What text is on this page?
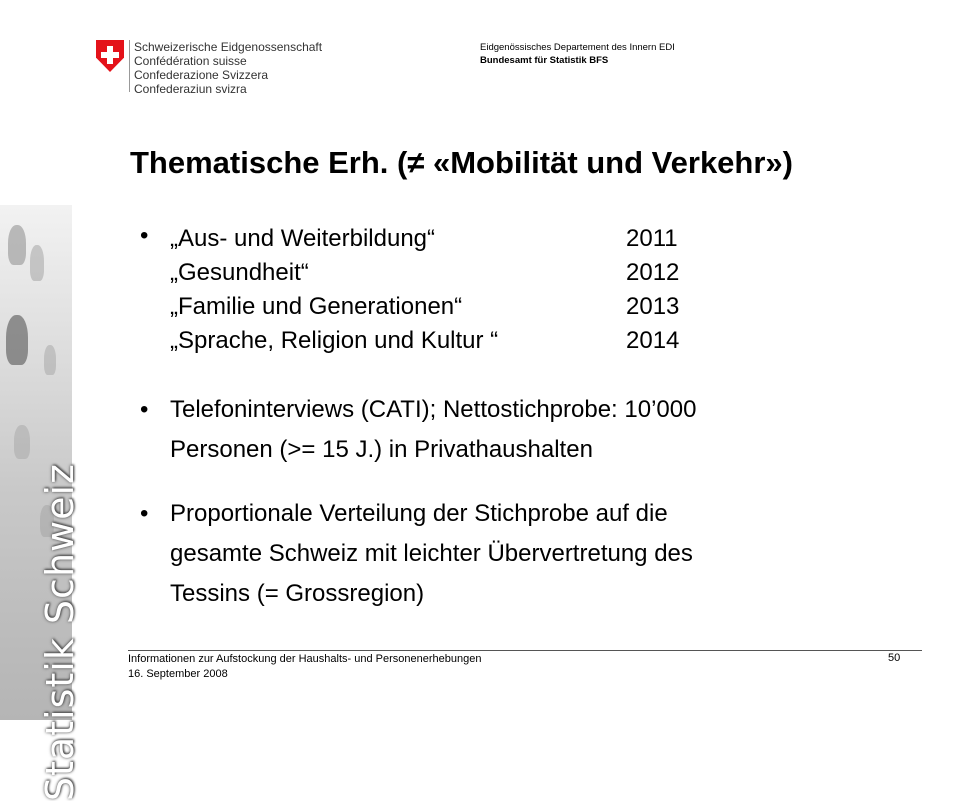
Statistik Schweiz
Schweizerische Eidgenossenschaft
Confédération suisse
Confederazione Svizzera
Confederaziun svizra
Eidgenössisches Departement des Innern EDI
Bundesamt für Statistik BFS
Thematische Erh. (≠ «Mobilität und Verkehr»)
• „Aus- und Weiterbildung“	2011
„Gesundheit“	2012
„Familie und Generationen“	2013
„Sprache, Religion und Kultur “	2014
• Telefoninterviews (CATI); Nettostichprobe: 10’000
Personen (>= 15 J.) in Privathaushalten
• Proportionale Verteilung der Stichprobe auf die
gesamte Schweiz mit leichter Übervertretung des
Tessins (= Grossregion)
Informationen zur Aufstockung der Haushalts- und Personenerhebungen
16. September 2008
50
